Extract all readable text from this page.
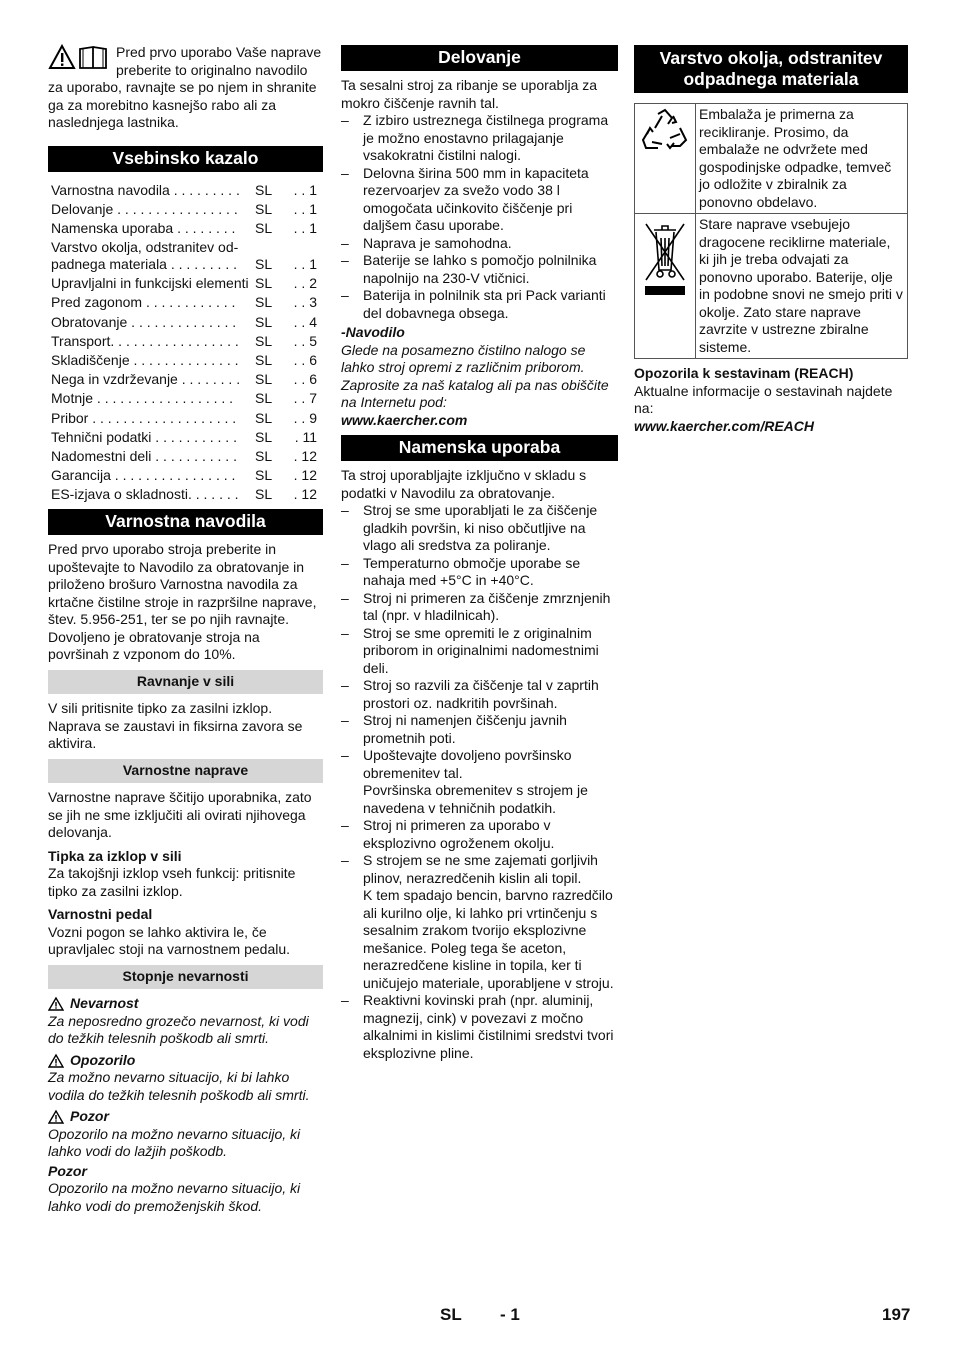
Pred prvo uporabo Vaše naprave preberite to originalno navodilo za uporabo, ravnajte se po njem in shranite ga za morebitno kasnejšo rabo ali za naslednjega lastnika.

Vsebinsko kazalo
Varnostna navodila . . . . . . . . .	SL	. . 1
Delovanje . . . . . . . . . . . . . . . .	SL	. . 1
Namenska uporaba . . . . . . . .	SL	. . 1
Varstvo okolja, odstranitev od-
padnega materiala . . . . . . . . .	SL	. . 1
Upravljalni in funkcijski elementi	SL	. . 2
Pred zagonom . . . . . . . . . . . .	SL	. . 3
Obratovanje . . . . . . . . . . . . . .	SL	. . 4
Transport. . . . . . . . . . . . . . . . .	SL	. . 5
Skladiščenje . . . . . . . . . . . . . .	SL	. . 6
Nega in vzdrževanje . . . . . . . .	SL	. . 6
Motnje . . . . . . . . . . . . . . . . . .	SL	. . 7
Pribor . . . . . . . . . . . . . . . . . . .	SL	. . 9
Tehnični podatki . . . . . . . . . . .	SL	. 11
Nadomestni deli . . . . . . . . . . .	SL	. 12
Garancija . . . . . . . . . . . . . . . .	SL	. 12
ES-izjava o skladnosti. . . . . . .	SL	. 12
Varnostna navodila

Pred prvo uporabo stroja preberite in upoštevajte to Navodilo za obratovanje in priloženo brošuro Varnostna navodila za krtačne čistilne stroje in razpršilne naprave, štev. 5.956-251, ter se po njih ravnajte. Dovoljeno je obratovanje stroja na površinah z vzponom do 10%.

Ravnanje v sili

V sili pritisnite tipko za zasilni izklop. Naprava se zaustavi in fiksirna zavora se aktivira.

Varnostne naprave

Varnostne naprave ščitijo uporabnika, zato se jih ne sme izključiti ali ovirati njihovega delovanja.

Tipka za izklop v sili

Za takojšnji izklop vseh funkcij: pritisnite tipko za zasilni izklop.

Varnostni pedal

Vozni pogon se lahko aktivira le, če upravljalec stoji na varnostnem pedalu.

Stopnje nevarnosti
Nevarnost

Za neposredno grozečo nevarnost, ki vodi do težkih telesnih poškodb ali smrti.

Opozorilo

Za možno nevarno situacijo, ki bi lahko vodila do težkih telesnih poškodb ali smrti.

Pozor

Opozorilo na možno nevarno situacijo, ki lahko vodi do lažjih poškodb.

Pozor

Opozorilo na možno nevarno situacijo, ki lahko vodi do premoženjskih škod.

Delovanje

Ta sesalni stroj za ribanje se uporablja za mokro čiščenje ravnih tal.

– Z izbiro ustreznega čistilnega programa je možno enostavno prilagajanje vsakokratni čistilni nalogi.
– Delovna širina 500 mm in kapaciteta rezervoarjev za svežo vodo 38 l omogočata učinkovito čiščenje pri daljšem času uporabe.
– Naprava je samohodna.
– Baterije se lahko s pomočjo polnilnika napolnijo na 230-V vtičnici.
– Baterija in polnilnik sta pri Pack varianti del dobavnega obsega.

-Navodilo

Glede na posamezno čistilno nalogo se lahko stroj opremi z različnim priborom. Zaprosite za naš katalog ali pa nas obiščite na Internetu pod:

www.kaercher.com

Namenska uporaba

Ta stroj uporabljajte izključno v skladu s podatki v Navodilu za obratovanje.

– Stroj se sme uporabljati le za čiščenje gladkih površin, ki niso občutljive na vlago ali sredstva za poliranje.
– Temperaturno območje uporabe se nahaja med +5°C in +40°C.
– Stroj ni primeren za čiščenje zmrznjenih tal (npr. v hladilnicah).
– Stroj se sme opremiti le z originalnim priborom in originalnimi nadomestnimi deli.
– Stroj so razvili za čiščenje tal v zaprtih prostori oz. nadkritih površinah.
– Stroj ni namenjen čiščenju javnih prometnih poti.
– Upoštevajte dovoljeno površinsko obremenitev tal.
Površinska obremenitev s strojem je navedena v tehničnih podatkih.
– Stroj ni primeren za uporabo v eksplozivno ogroženem okolju.
– S strojem se ne sme zajemati gorljivih plinov, nerazredčenih kislin ali topil.
K tem spadajo bencin, barvno razredčilo ali kurilno olje, ki lahko pri vrtinčenju s sesalnim zrakom tvorijo eksplozivne mešanice. Poleg tega še aceton, nerazredčene kisline in topila, ker ti uničujejo materiale, uporabljene v stroju.
– Reaktivni kovinski prah (npr. aluminij, magnezij, cink) v povezavi z močno alkalnimi in kislimi čistilnimi sredstvi tvori eksplozivne pline.
Varstvo okolja, odstranitev odpadnega materiala
	Embalaža je primerna za recikliranje. Prosimo, da embalaže ne odvržete med gospodinjske odpadke, temveč jo odložite v zbiralnik za ponovno obdelavo.
	Stare naprave vsebujejo dragocene reciklirne materiale, ki jih je treba odvajati za ponovno uporabo. Baterije, olje in podobne snovi ne smejo priti v okolje. Zato stare naprave zavrzite v ustrezne zbiralne sisteme.

Opozorila k sestavinam (REACH)

Aktualne informacije o sestavinah najdete na:

www.kaercher.com/REACH

SL - 1	197
